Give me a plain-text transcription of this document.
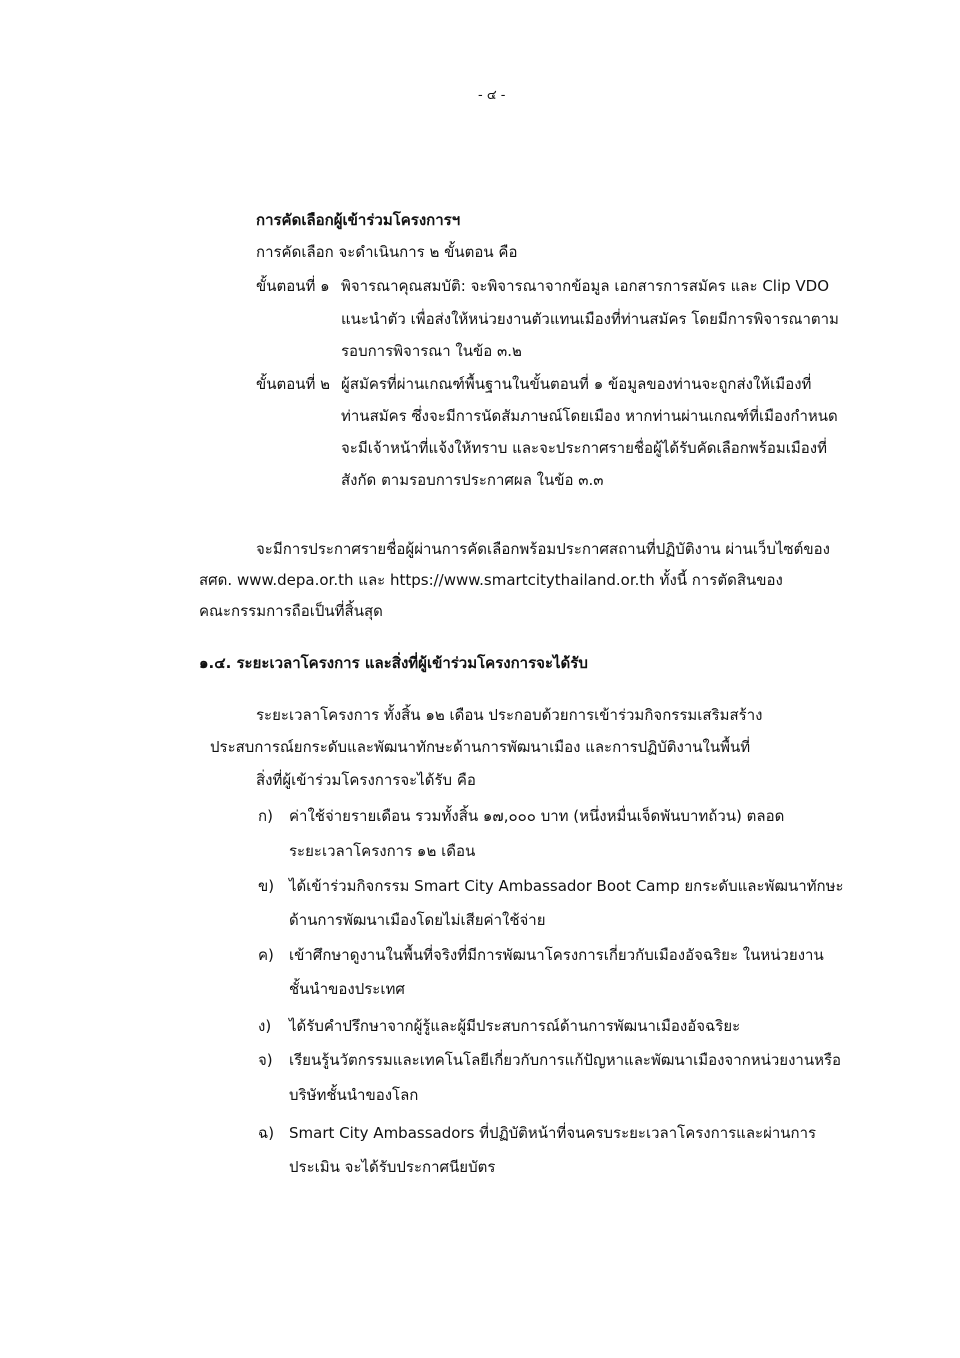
- ๔ -
การคัดเลือกผู้เข้าร่วมโครงการฯ
การคัดเลือก จะดำเนินการ ๒ ขั้นตอน คือ
ขั้นตอนที่ ๑ พิจารณาคุณสมบัติ: จะพิจารณาจากข้อมูล เอกสารการสมัคร และ Clip VDO
แนะนำตัว เพื่อส่งให้หน่วยงานตัวแทนเมืองที่ท่านสมัคร โดยมีการพิจารณาตาม
รอบการพิจารณา ในข้อ ๓.๒
ขั้นตอนที่ ๒ ผู้สมัครที่ผ่านเกณฑ์พื้นฐานในขั้นตอนที่ ๑ ข้อมูลของท่านจะถูกส่งให้เมืองที่
ท่านสมัคร ซึ่งจะมีการนัดสัมภาษณ์โดยเมือง หากท่านผ่านเกณฑ์ที่เมืองกำหนด
จะมีเจ้าหน้าที่แจ้งให้ทราบ และจะประกาศรายชื่อผู้ได้รับคัดเลือกพร้อมเมืองที่
สังกัด ตามรอบการประกาศผล ในข้อ ๓.๓
จะมีการประกาศรายชื่อผู้ผ่านการคัดเลือกพร้อมประกาศสถานที่ปฏิบัติงาน ผ่านเว็บไซต์ของ
สศด. www.depa.or.th และ https://www.smartcitythailand.or.th ทั้งนี้ การตัดสินของ
คณะกรรมการถือเป็นที่สิ้นสุด
๑.๔. ระยะเวลาโครงการ และสิ่งที่ผู้เข้าร่วมโครงการจะได้รับ
ระยะเวลาโครงการ ทั้งสิ้น ๑๒ เดือน ประกอบด้วยการเข้าร่วมกิจกรรมเสริมสร้าง
ประสบการณ์ยกระดับและพัฒนาทักษะด้านการพัฒนาเมือง และการปฏิบัติงานในพื้นที่
สิ่งที่ผู้เข้าร่วมโครงการจะได้รับ คือ
ก) ค่าใช้จ่ายรายเดือน รวมทั้งสิ้น ๑๗,๐๐๐ บาท (หนึ่งหมื่นเจ็ดพันบาทถ้วน) ตลอด
ระยะเวลาโครงการ ๑๒ เดือน
ข) ได้เข้าร่วมกิจกรรม Smart City Ambassador Boot Camp ยกระดับและพัฒนาทักษะ
ด้านการพัฒนาเมืองโดยไม่เสียค่าใช้จ่าย
ค) เข้าศึกษาดูงานในพื้นที่จริงที่มีการพัฒนาโครงการเกี่ยวกับเมืองอัจฉริยะ ในหน่วยงาน
ชั้นนำของประเทศ
ง) ได้รับคำปรึกษาจากผู้รู้และผู้มีประสบการณ์ด้านการพัฒนาเมืองอัจฉริยะ
จ) เรียนรู้นวัตกรรมและเทคโนโลยีเกี่ยวกับการแก้ปัญหาและพัฒนาเมืองจากหน่วยงานหรือ
บริษัทชั้นนำของโลก
ฉ) Smart City Ambassadors ที่ปฏิบัติหน้าที่จนครบระยะเวลาโครงการและผ่านการ
ประเมิน จะได้รับประกาศนียบัตร
